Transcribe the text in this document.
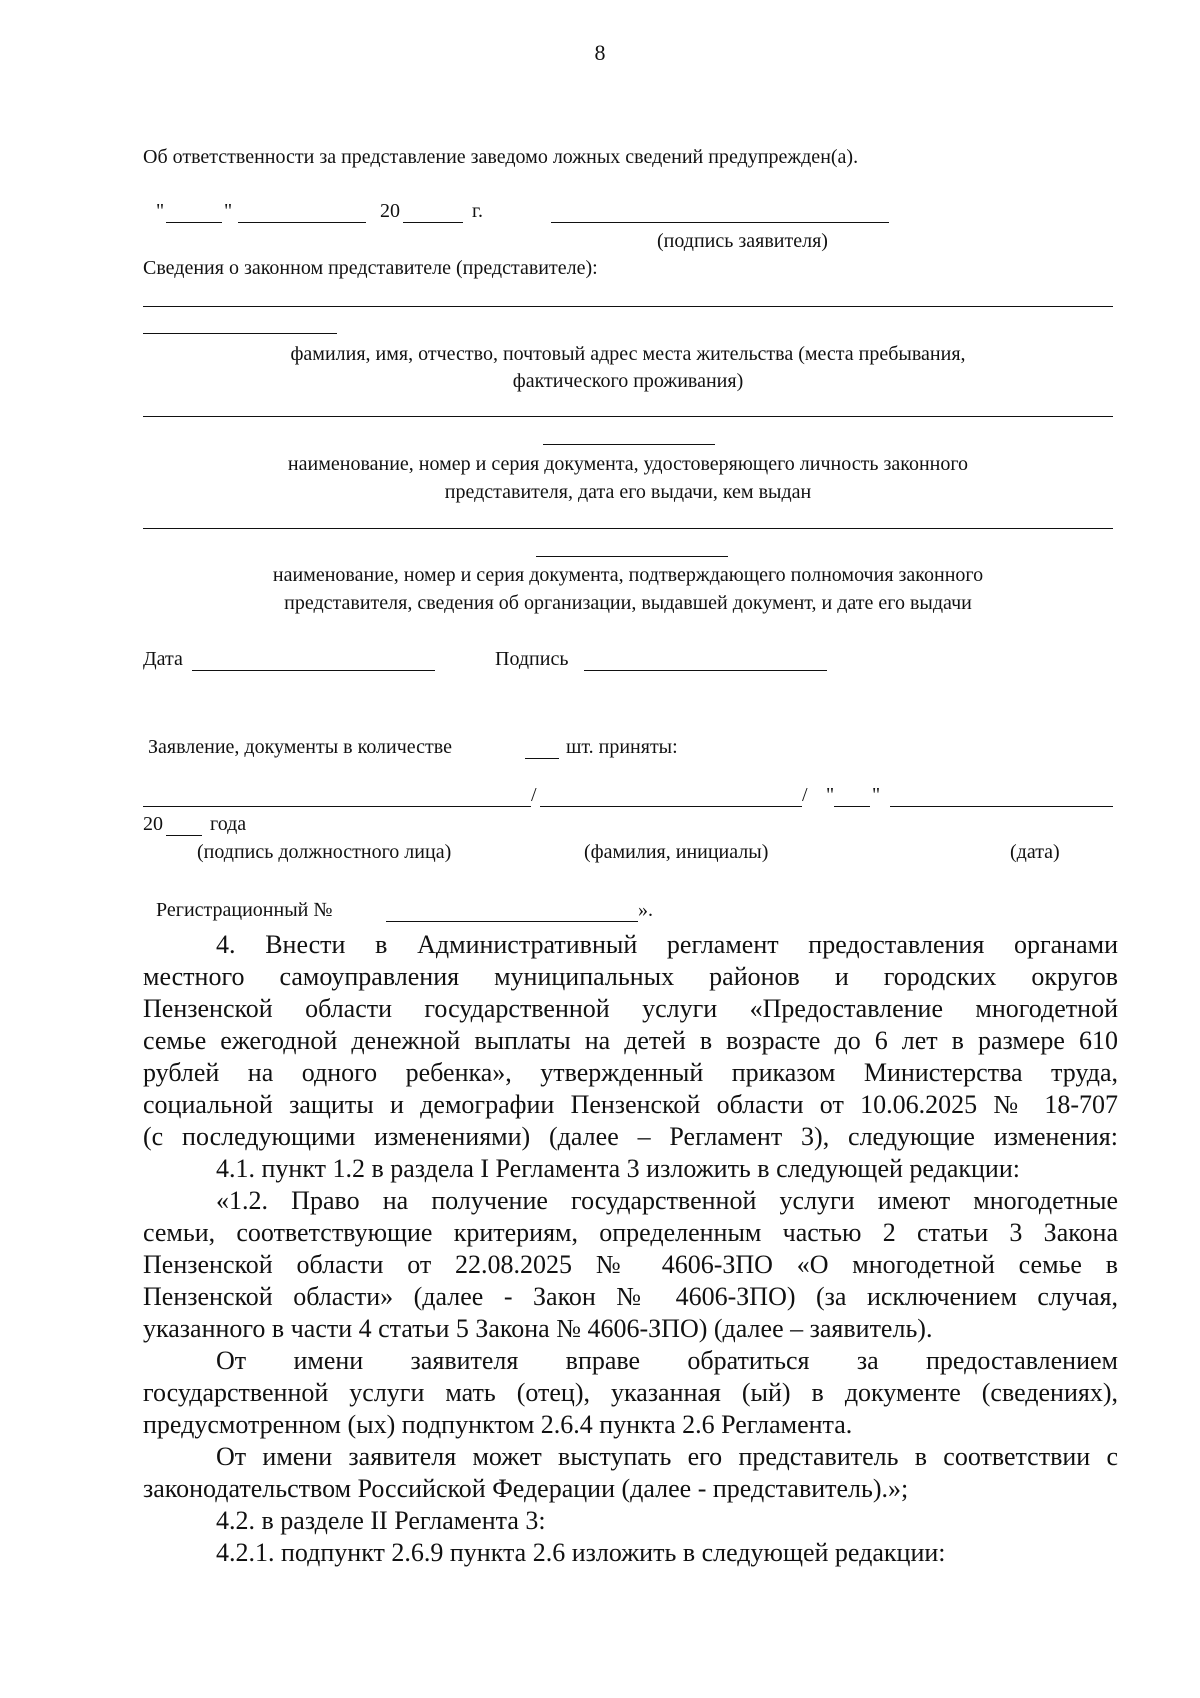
8
Об ответственности за представление заведомо ложных сведений предупрежден(а).
"	"	20	г.
(подпись заявителя)
Сведения о законном представителе (представителе):
фамилия, имя, отчество, почтовый адрес места жительства (места пребывания,
фактического проживания)
наименование, номер и серия документа, удостоверяющего личность законного
представителя, дата его выдачи, кем выдан
наименование, номер и серия документа, подтверждающего полномочия законного
представителя, сведения об организации, выдавшей документ, и дате его выдачи
Дата	Подпись
Заявление, документы в количестве	шт. приняты:
/	/ " "
20 года
(подпись должностного лица)	(фамилия, инициалы)	(дата)
Регистрационный №	».
4. Внести в Административный регламент предоставления органами
местного самоуправления муниципальных районов и городских округов
Пензенской области государственной услуги «Предоставление многодетной
семье ежегодной денежной выплаты на детей в возрасте до 6 лет в размере 610
рублей на одного ребенка», утвержденный приказом Министерства труда,
социальной защиты и демографии Пензенской области от 10.06.2025 № 18-707
(с последующими изменениями) (далее – Регламент 3), следующие изменения:
4.1. пункт 1.2 в раздела I Регламента 3 изложить в следующей редакции:
«1.2. Право на получение государственной услуги имеют многодетные
семьи, соответствующие критериям, определенным частью 2 статьи 3 Закона
Пензенской области от 22.08.2025 № 4606-ЗПО «О многодетной семье в
Пензенской области» (далее - Закон № 4606-ЗПО) (за исключением случая,
указанного в части 4 статьи 5 Закона № 4606-ЗПО) (далее – заявитель).
От имени заявителя вправе обратиться за предоставлением
государственной услуги мать (отец), указанная (ый) в документе (сведениях),
предусмотренном (ых) подпунктом 2.6.4 пункта 2.6 Регламента.
От имени заявителя может выступать его представитель в соответствии с
законодательством Российской Федерации (далее - представитель).»;
4.2. в разделе II Регламента 3:
4.2.1. подпункт 2.6.9 пункта 2.6 изложить в следующей редакции:
